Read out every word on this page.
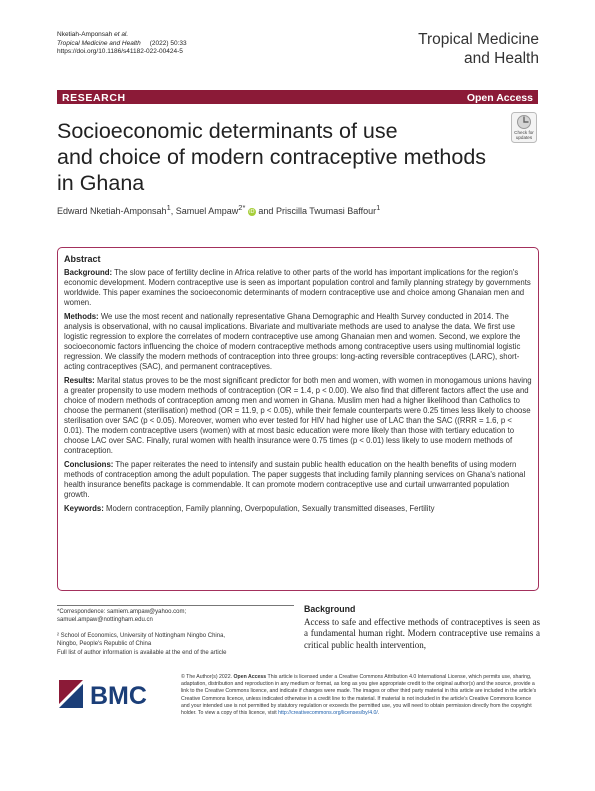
Nketiah-Amponsah et al.
Tropical Medicine and Health (2022) 50:33
https://doi.org/10.1186/s41182-022-00424-5
Tropical Medicine
and Health
RESEARCH	Open Access
Check for
updates
Socioeconomic determinants of use
and choice of modern contraceptive methods
in Ghana
Edward Nketiah-Amponsah$^1$, Samuel Ampaw$^{2*}$ iD and Priscilla Twumasi Baffour$^1$
Abstract

Background: The slow pace of fertility decline in Africa relative to other parts of the world has important implications for the region's economic development. Modern contraceptive use is seen as important population control and family planning strategy by governments worldwide. This paper examines the socioeconomic determinants of modern contraceptive use and choice among Ghanaian men and women.

Methods: We use the most recent and nationally representative Ghana Demographic and Health Survey conducted in 2014. The analysis is observational, with no causal implications. Bivariate and multivariate methods are used to analyse the data. We first use logistic regression to explore the correlates of modern contraceptive use among Ghanaian men and women. Second, we explore the socioeconomic factors influencing the choice of modern contraceptive methods among contraceptive users using multinomial logistic regression. We classify the modern methods of contraception into three groups: long-acting reversible contraceptives (LARC), short-acting contraceptives (SAC), and permanent contraceptives.

Results: Marital status proves to be the most significant predictor for both men and women, with women in monogamous unions having a greater propensity to use modern methods of contraception (OR = 1.4, p < 0.00). We also find that different factors affect the use and choice of modern methods of contraception among men and women in Ghana. Muslim men had a higher likelihood than Catholics to choose the permanent (sterilisation) method (OR = 11.9, p < 0.05), while their female counterparts were 0.25 times less likely to choose sterilisation over SAC (p < 0.05). Moreover, women who ever tested for HIV had higher use of LAC than the SAC ((RRR = 1.6, p < 0.01). The modern contraceptive users (women) with at most basic education were more likely than those with tertiary education to choose LAC over SAC. Finally, rural women with health insurance were 0.75 times (p < 0.01) less likely to use modern methods of contraception.

Conclusions: The paper reiterates the need to intensify and sustain public health education on the health benefits of using modern methods of contraception among the adult population. The paper suggests that including family planning services on Ghana's national health insurance benefits package is commendable. It can promote modern contraceptive use and curtail unwarranted population growth.

Keywords: Modern contraception, Family planning, Overpopulation, Sexually transmitted diseases, Fertility

*Correspondence: samiem.ampaw@yahoo.com;
samuel.ampaw@nottingham.edu.cn
² School of Economics, University of Nottingham Ningbo China, Ningbo, People's Republic of China
Full list of author information is available at the end of the article
Background
Access to safe and effective methods of contraceptives is seen as a fundamental human right. Modern contraceptive use remains a critical public health intervention,
BMC
© The Author(s) 2022. Open Access This article is licensed under a Creative Commons Attribution 4.0 International License, which permits use, sharing, adaptation, distribution and reproduction in any medium or format, as long as you give appropriate credit to the original author(s) and the source, provide a link to the Creative Commons licence, and indicate if changes were made. The images or other third party material in this article are included in the article's Creative Commons licence, unless indicated otherwise in a credit line to the material. If material is not included in the article's Creative Commons licence and your intended use is not permitted by statutory regulation or exceeds the permitted use, you will need to obtain permission directly from the copyright holder. To view a copy of this licence, visit http://creativecommons.org/licenses/by/4.0/.
